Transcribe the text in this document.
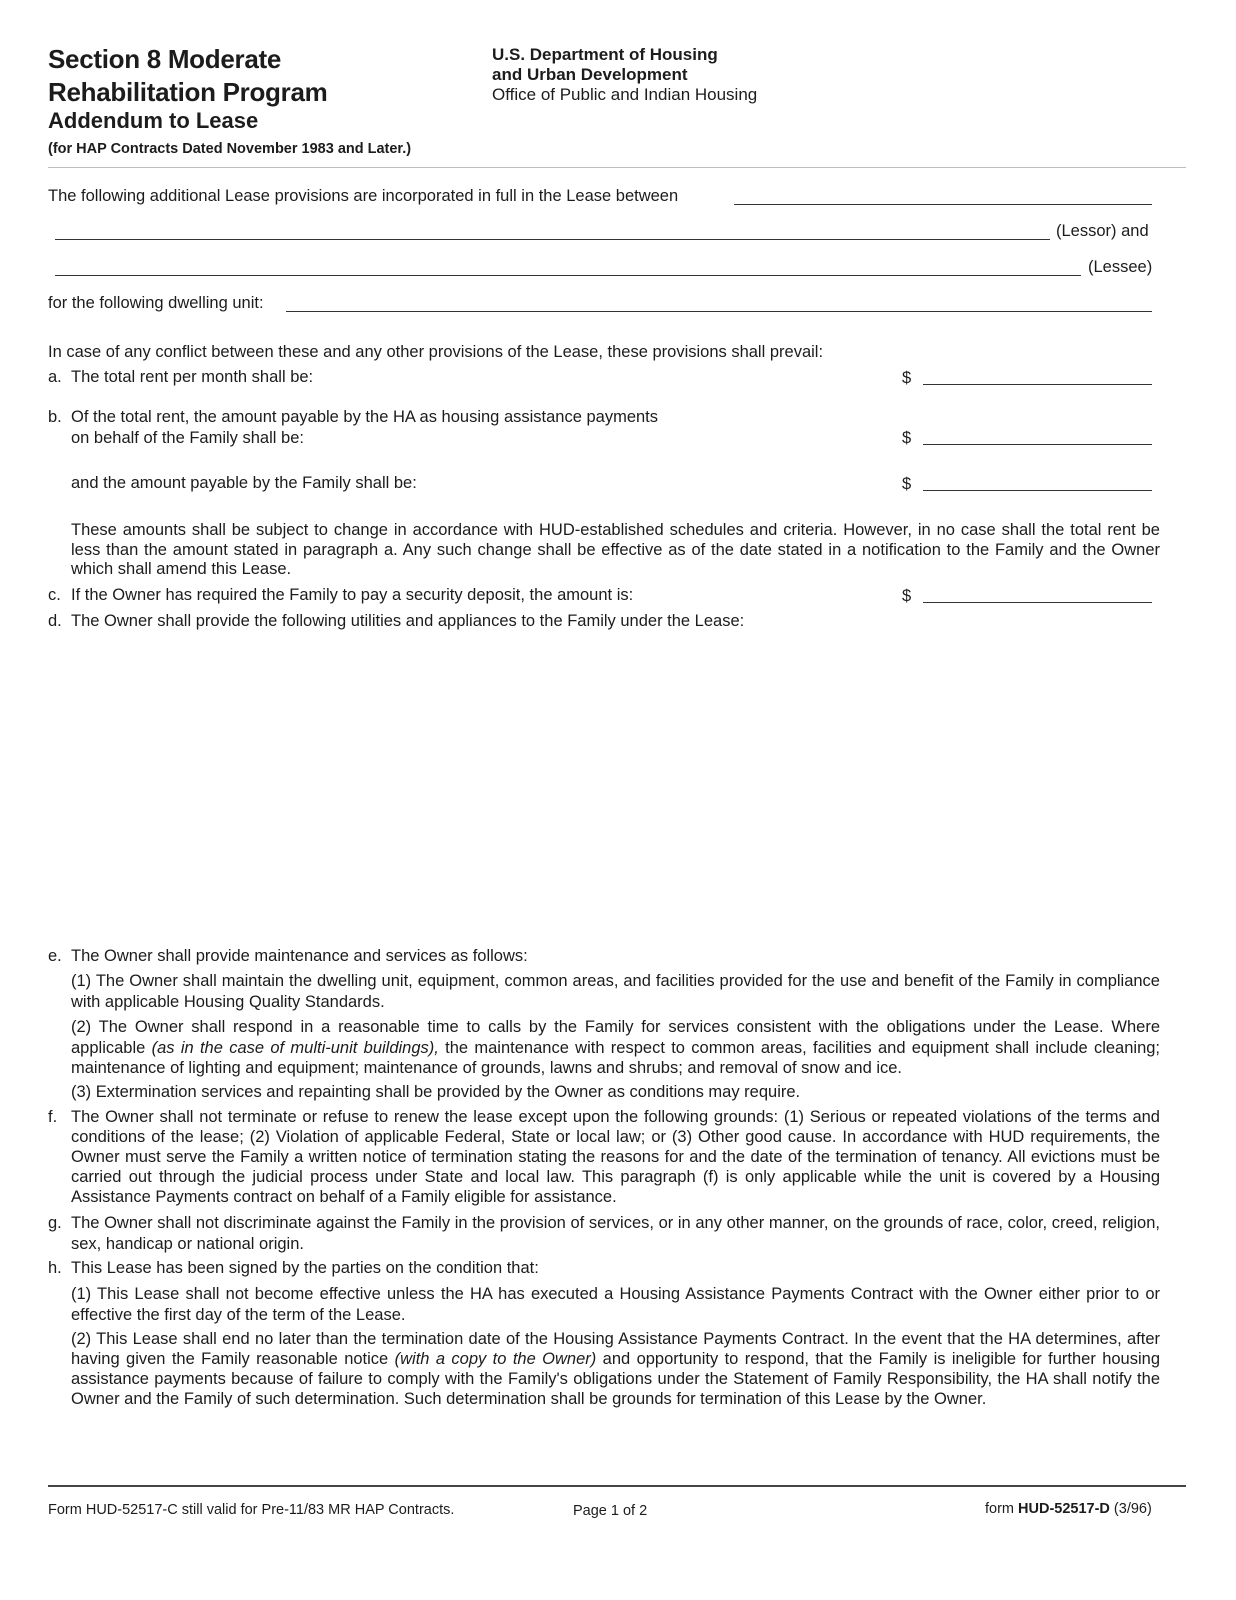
Section 8 Moderate
Rehabilitation Program
Addendum to Lease
(for HAP Contracts Dated November 1983 and Later.)
U.S. Department of Housing
and Urban Development
Office of Public and Indian Housing
The following additional Lease provisions are incorporated in full in the Lease between
(Lessor) and
(Lessee)
for the following dwelling unit:
In case of any conflict between these and any other provisions of the Lease, these provisions shall prevail:
a. The total rent per month shall be:	$
b. Of the total rent, the amount payable by the HA as housing assistance payments
on behalf of the Family shall be:	$
and the amount payable by the Family shall be:	$
These amounts shall be subject to change in accordance with HUD-established schedules and criteria. However, in no case shall the total rent be less than the amount stated in paragraph a. Any such change shall be effective as of the date stated in a notification to the Family and the Owner which shall amend this Lease.
c. If the Owner has required the Family to pay a security deposit, the amount is:	$
d. The Owner shall provide the following utilities and appliances to the Family under the Lease:
e. The Owner shall provide maintenance and services as follows:
(1) The Owner shall maintain the dwelling unit, equipment, common areas, and facilities provided for the use and benefit of the Family in compliance with applicable Housing Quality Standards.
(2) The Owner shall respond in a reasonable time to calls by the Family for services consistent with the obligations under the Lease. Where applicable (as in the case of multi-unit buildings), the maintenance with respect to common areas, facilities and equipment shall include cleaning; maintenance of lighting and equipment; maintenance of grounds, lawns and shrubs; and removal of snow and ice.
(3) Extermination services and repainting shall be provided by the Owner as conditions may require.
f. The Owner shall not terminate or refuse to renew the lease except upon the following grounds: (1) Serious or repeated violations of the terms and conditions of the lease; (2) Violation of applicable Federal, State or local law; or (3) Other good cause. In accordance with HUD requirements, the Owner must serve the Family a written notice of termination stating the reasons for and the date of the termination of tenancy. All evictions must be carried out through the judicial process under State and local law. This paragraph (f) is only applicable while the unit is covered by a Housing Assistance Payments contract on behalf of a Family eligible for assistance.
g. The Owner shall not discriminate against the Family in the provision of services, or in any other manner, on the grounds of race, color, creed, religion, sex, handicap or national origin.
h. This Lease has been signed by the parties on the condition that:
(1) This Lease shall not become effective unless the HA has executed a Housing Assistance Payments Contract with the Owner either prior to or effective the first day of the term of the Lease.
(2) This Lease shall end no later than the termination date of the Housing Assistance Payments Contract. In the event that the HA determines, after having given the Family reasonable notice (with a copy to the Owner) and opportunity to respond, that the Family is ineligible for further housing assistance payments because of failure to comply with the Family's obligations under the Statement of Family Responsibility, the HA shall notify the Owner and the Family of such determination. Such determination shall be grounds for termination of this Lease by the Owner.
Form HUD-52517-C still valid for Pre-11/83 MR HAP Contracts.	Page 1 of 2	form HUD-52517-D (3/96)
